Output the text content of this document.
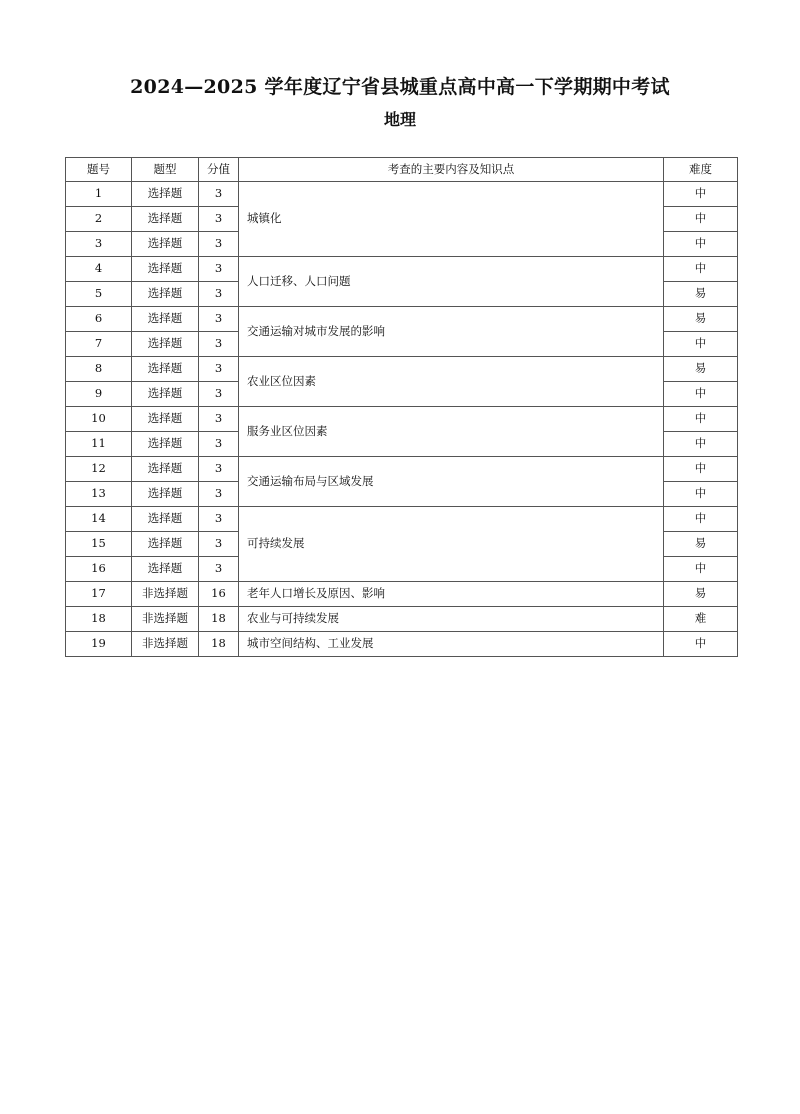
2024—2025 学年度辽宁省县城重点高中高一下学期期中考试
地理
题号	题型	分值	考查的主要内容及知识点	难度
1	选择题	3	城镇化	中
2	选择题	3		中
3	选择题	3		中
4	选择题	3	人口迁移、人口问题	中
5	选择题	3		易
6	选择题	3	交通运输对城市发展的影响	易
7	选择题	3		中
8	选择题	3	农业区位因素	易
9	选择题	3		中
10	选择题	3	服务业区位因素	中
11	选择题	3		中
12	选择题	3	交通运输布局与区域发展	中
13	选择题	3		中
14	选择题	3	可持续发展	中
15	选择题	3		易
16	选择题	3		中
17	非选择题	16	老年人口增长及原因、影响	易
18	非选择题	18	农业与可持续发展	难
19	非选择题	18	城市空间结构、工业发展	中
